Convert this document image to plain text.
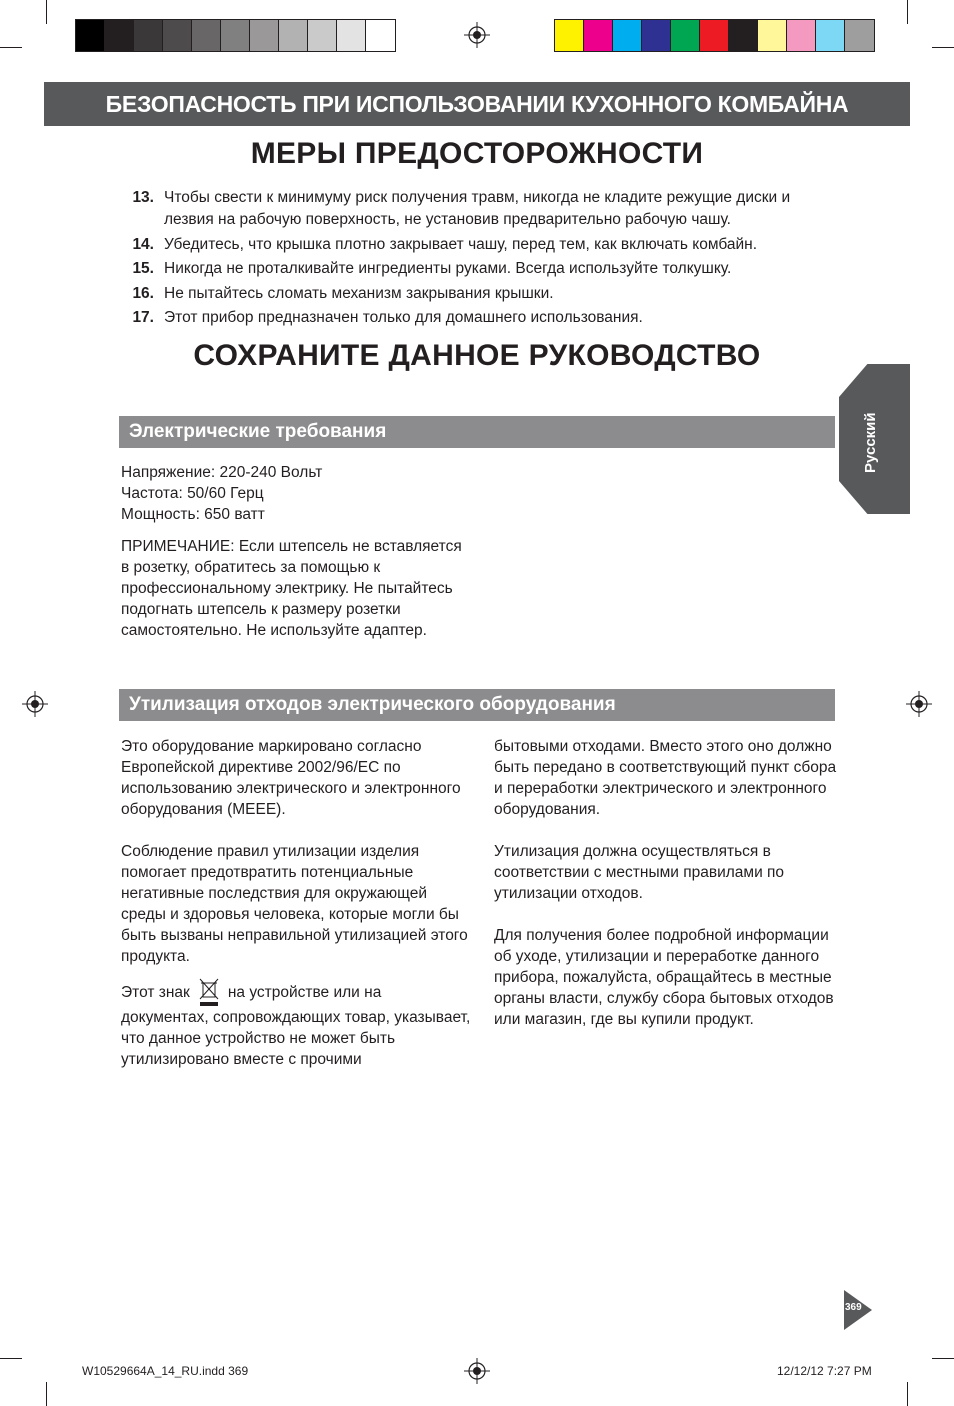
БЕЗОПАСНОСТЬ ПРИ ИСПОЛЬЗОВАНИИ КУХОННОГО КОМБАЙНА
МЕРЫ ПРЕДОСТОРОЖНОСТИ
13. Чтобы свести к минимуму риск получения травм, никогда не кладите режущие диски и лезвия на рабочую поверхность, не установив предварительно рабочую чашу.
14. Убедитесь, что крышка плотно закрывает чашу, перед тем, как включать комбайн.
15. Никогда не проталкивайте ингредиенты руками. Всегда используйте толкушку.
16. Не пытайтесь сломать механизм закрывания крышки.
17. Этот прибор предназначен только для домашнего использования.
СОХРАНИТЕ ДАННОЕ РУКОВОДСТВО
Русский
Электрические требования
Напряжение: 220-240 Вольт
Частота: 50/60 Герц
Мощность: 650 ватт
ПРИМЕЧАНИЕ: Если штепсель не вставляется в розетку, обратитесь за помощью к профессиональному электрику. Не пытайтесь подогнать штепсель к размеру розетки самостоятельно. Не используйте адаптер.
Утилизация отходов электрического оборудования

Это оборудование маркировано согласно Европейской директиве 2002/96/EC по использованию электрического и электронного оборудования (MEEE).

Соблюдение правил утилизации изделия помогает предотвратить потенциальные негативные последствия для окружающей среды и здоровья человека, которые могли бы быть вызваны неправильной утилизацией этого продукта.

Этот знак на устройстве или на документах, сопровождающих товар, указывает, что данное устройство не может быть утилизировано вместе с прочими

бытовыми отходами. Вместо этого оно должно быть передано в соответствующий пункт сбора и переработки электрического и электронного оборудования.

Утилизация должна осуществляться в соответствии с местными правилами по утилизации отходов.

Для получения более подробной информации об уходе, утилизации и переработке данного прибора, пожалуйста, обращайтесь в местные органы власти, службу сбора бытовых отходов или магазин, где вы купили продукт.

369
W10529664A_14_RU.indd 369	12/12/12 7:27 PM
